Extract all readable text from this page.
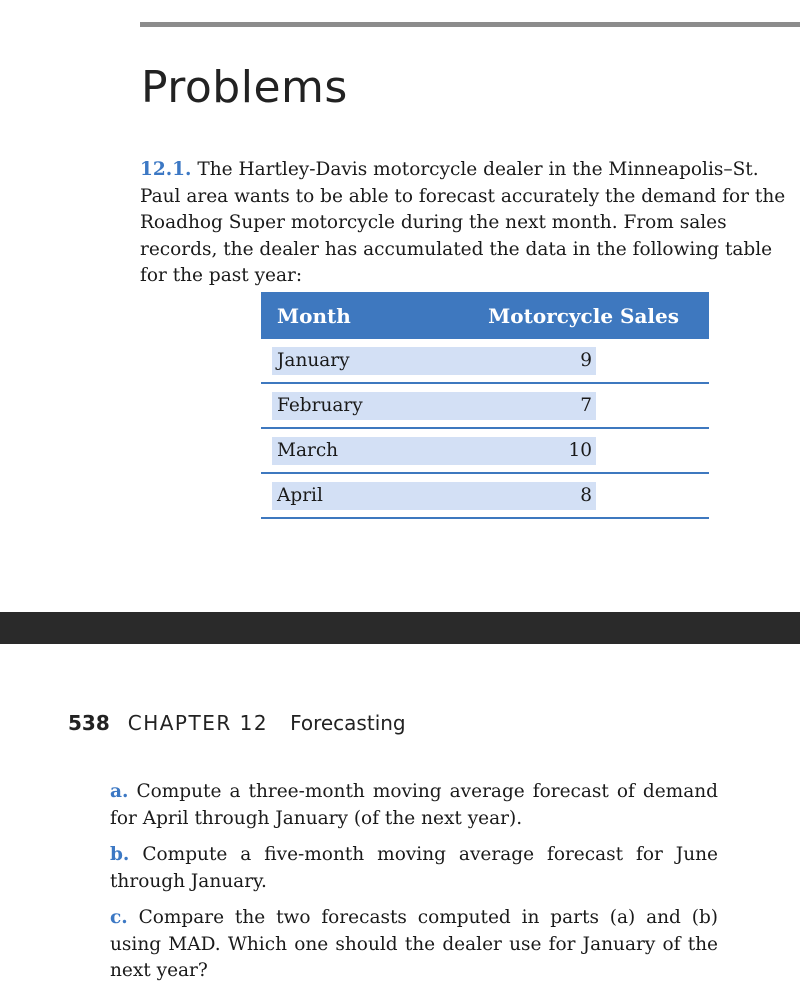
Problems

12.1. The Hartley-Davis motorcycle dealer in the Minneapolis–St. Paul area wants to be able to forecast accurately the demand for the Roadhog Super motorcycle during the next month. From sales records, the dealer has accumulated the data in the following table for the past year:

Month	Motorcycle Sales

January	9

February	7

March	10

April	8
538 CHAPTER 12 Forecasting

a. Compute a three-month moving average forecast of demand for April through January (of the next year).

b. Compute a five-month moving average forecast for June through January.

c. Compare the two forecasts computed in parts (a) and (b) using MAD. Which one should the dealer use for January of the next year?
